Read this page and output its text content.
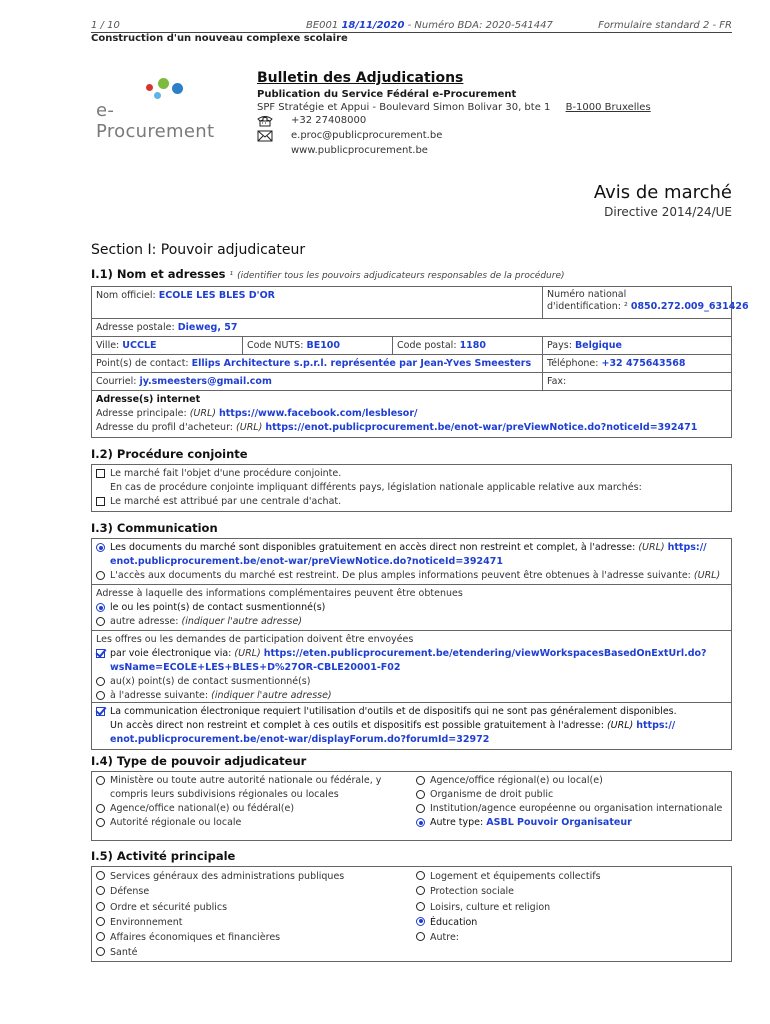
1 / 10	BE001 18/11/2020 - Numéro BDA: 2020-541447	Formulaire standard 2 - FR
Construction d'un nouveau complexe scolaire
e-Procurement
Bulletin des Adjudications
Publication du Service Fédéral e-Procurement
SPF Stratégie et Appui - Boulevard Simon Bolivar 30, bte 1 B-1000 Bruxelles
+32 27408000
e.proc@publicprocurement.be
www.publicprocurement.be
Avis de marché
Directive 2014/24/UE
Section I: Pouvoir adjudicateur
I.1) Nom et adresses ¹ (identifier tous les pouvoirs adjudicateurs responsables de la procédure)
Nom officiel: ECOLE LES BLES D'OR	Numéro national
d'identification: ² 0850.272.009_631426
Adresse postale: Dieweg, 57
Ville: UCCLE	Code NUTS: BE100	Code postal: 1180	Pays: Belgique
Point(s) de contact: Ellips Architecture s.p.r.l. représentée par Jean-Yves Smeesters	Téléphone: +32 475643568
Courriel: jy.smeesters@gmail.com	Fax:
Adresse(s) internet
Adresse principale: (URL) https://www.facebook.com/lesblesor/
Adresse du profil d'acheteur: (URL) https://enot.publicprocurement.be/enot-war/preViewNotice.do?noticeId=392471
I.2) Procédure conjointe
Le marché fait l'objet d'une procédure conjointe.
En cas de procédure conjointe impliquant différents pays, législation nationale applicable relative aux marchés:
Le marché est attribué par une centrale d'achat.
I.3) Communication
Les documents du marché sont disponibles gratuitement en accès direct non restreint et complet, à l'adresse: (URL) https://
enot.publicprocurement.be/enot-war/preViewNotice.do?noticeId=392471
L'accès aux documents du marché est restreint. De plus amples informations peuvent être obtenues à l'adresse suivante: (URL)
Adresse à laquelle des informations complémentaires peuvent être obtenues
le ou les point(s) de contact susmentionné(s)
autre adresse: (indiquer l'autre adresse)
Les offres ou les demandes de participation doivent être envoyées
par voie électronique via: (URL) https://eten.publicprocurement.be/etendering/viewWorkspacesBasedOnExtUrl.do?
wsName=ECOLE+LES+BLES+D%27OR-CBLE20001-F02
au(x) point(s) de contact susmentionné(s)
à l'adresse suivante: (indiquer l'autre adresse)
La communication électronique requiert l'utilisation d'outils et de dispositifs qui ne sont pas généralement disponibles.
Un accès direct non restreint et complet à ces outils et dispositifs est possible gratuitement à l'adresse: (URL) https://
enot.publicprocurement.be/enot-war/displayForum.do?forumId=32972
I.4) Type de pouvoir adjudicateur
Ministère ou toute autre autorité nationale ou fédérale, y
compris leurs subdivisions régionales ou locales
Agence/office national(e) ou fédéral(e)
Autorité régionale ou locale
Agence/office régional(e) ou local(e)
Organisme de droit public
Institution/agence européenne ou organisation internationale
Autre type: ASBL Pouvoir Organisateur
I.5) Activité principale
Services généraux des administrations publiques
Défense
Ordre et sécurité publics
Environnement
Affaires économiques et financières
Santé
Logement et équipements collectifs
Protection sociale
Loisirs, culture et religion
Éducation
Autre:
